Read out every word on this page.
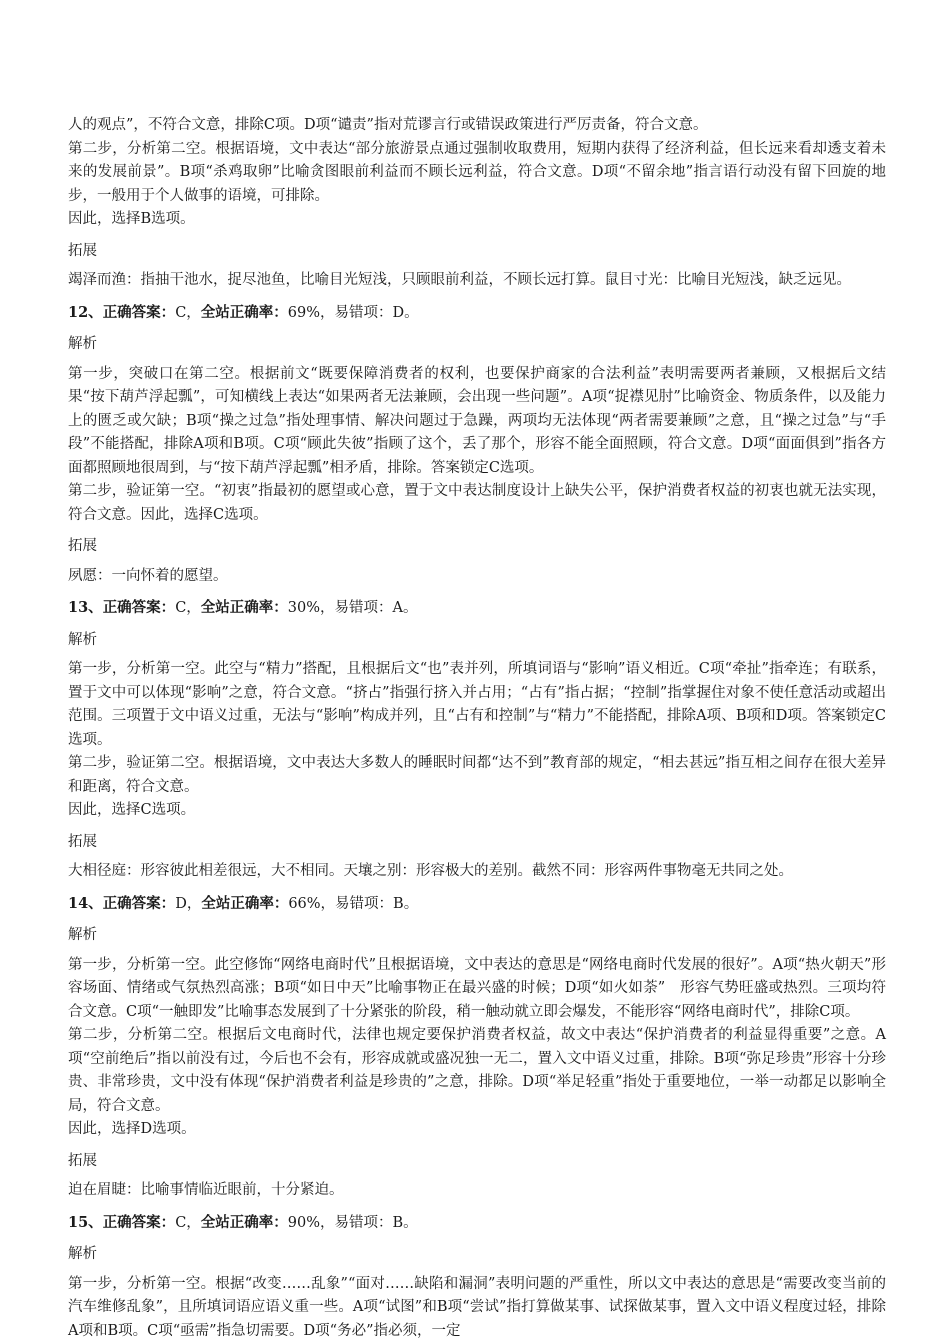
人的观点”，不符合文意，排除C项。D项“谴责”指对荒谬言行或错误政策进行严厉责备，符合文意。

第二步，分析第二空。根据语境，文中表达“部分旅游景点通过强制收取费用，短期内获得了经济利益，但长远来看却透支着未来的发展前景”。B项“杀鸡取卵”比喻贪图眼前利益而不顾长远利益，符合文意。D项“不留余地”指言语行动没有留下回旋的地步，一般用于个人做事的语境，可排除。

因此，选择B选项。

拓展

竭泽而渔：指抽干池水，捉尽池鱼，比喻目光短浅，只顾眼前利益，不顾长远打算。鼠目寸光：比喻目光短浅，缺乏远见。

12、正确答案：C，全站正确率：69%，易错项：D。

解析

第一步，突破口在第二空。根据前文“既要保障消费者的权利，也要保护商家的合法利益”表明需要两者兼顾，又根据后文结果“按下葫芦浮起瓢”，可知横线上表达“如果两者无法兼顾，会出现一些问题”。A项“捉襟见肘”比喻资金、物质条件，以及能力上的匮乏或欠缺；B项“操之过急”指处理事情、解决问题过于急躁，两项均无法体现“两者需要兼顾”之意，且“操之过急”与“手段”不能搭配，排除A项和B项。C项“顾此失彼”指顾了这个，丢了那个，形容不能全面照顾，符合文意。D项“面面俱到”指各方面都照顾地很周到，与“按下葫芦浮起瓢”相矛盾，排除。答案锁定C选项。

第二步，验证第一空。“初衷”指最初的愿望或心意，置于文中表达制度设计上缺失公平，保护消费者权益的初衷也就无法实现，符合文意。因此，选择C选项。

拓展

夙愿：一向怀着的愿望。

13、正确答案：C，全站正确率：30%，易错项：A。

解析

第一步，分析第一空。此空与“精力”搭配，且根据后文“也”表并列，所填词语与“影响”语义相近。C项“牵扯”指牵连；有联系，置于文中可以体现“影响”之意，符合文意。“挤占”指强行挤入并占用；“占有”指占据；“控制”指掌握住对象不使任意活动或超出范围。三项置于文中语义过重，无法与“影响”构成并列，且“占有和控制”与“精力”不能搭配，排除A项、B项和D项。答案锁定C选项。

第二步，验证第二空。根据语境，文中表达大多数人的睡眠时间都“达不到”教育部的规定，“相去甚远”指互相之间存在很大差异和距离，符合文意。

因此，选择C选项。

拓展

大相径庭：形容彼此相差很远，大不相同。天壤之别：形容极大的差别。截然不同：形容两件事物毫无共同之处。

14、正确答案：D，全站正确率：66%，易错项：B。

解析

第一步，分析第一空。此空修饰“网络电商时代”且根据语境，文中表达的意思是“网络电商时代发展的很好”。A项“热火朝天”形容场面、情绪或气氛热烈高涨；B项“如日中天”比喻事物正在最兴盛的时候；D项“如火如荼”　形容气势旺盛或热烈。三项均符合文意。C项“一触即发”比喻事态发展到了十分紧张的阶段，稍一触动就立即会爆发，不能形容“网络电商时代”，排除C项。

第二步，分析第二空。根据后文电商时代，法律也规定要保护消费者权益，故文中表达“保护消费者的利益显得重要”之意。A项“空前绝后”指以前没有过，今后也不会有，形容成就或盛况独一无二，置入文中语义过重，排除。B项“弥足珍贵”形容十分珍贵、非常珍贵，文中没有体现“保护消费者利益是珍贵的”之意，排除。D项“举足轻重”指处于重要地位，一举一动都足以影响全局，符合文意。

因此，选择D选项。

拓展

迫在眉睫：比喻事情临近眼前，十分紧迫。

15、正确答案：C，全站正确率：90%，易错项：B。

解析

第一步，分析第一空。根据“改变……乱象”“面对……缺陷和漏洞”表明问题的严重性，所以文中表达的意思是“需要改变当前的汽车维修乱象”，且所填词语应语义重一些。A项“试图”和B项“尝试”指打算做某事、试探做某事，置入文中语义程度过轻，排除A项和B项。C项“亟需”指急切需要。D项“务必”指必须，一定
